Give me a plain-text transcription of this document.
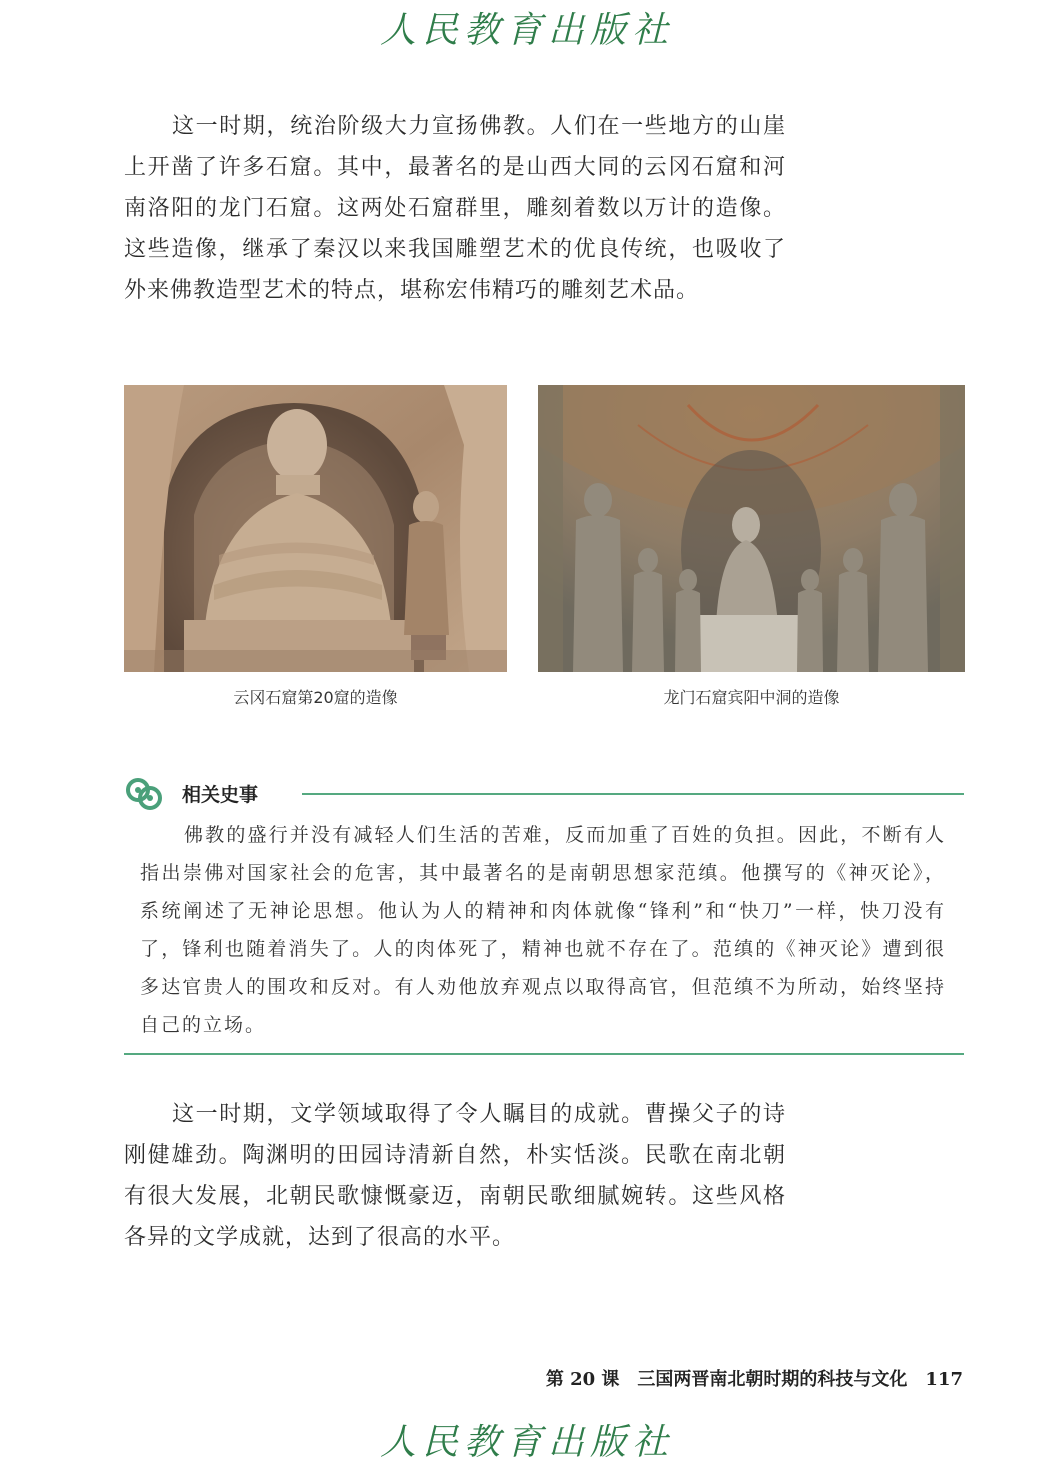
人民教育出版社

这一时期，统治阶级大力宣扬佛教。人们在一些地方的山崖上开凿了许多石窟。其中，最著名的是山西大同的云冈石窟和河南洛阳的龙门石窟。这两处石窟群里，雕刻着数以万计的造像。这些造像，继承了秦汉以来我国雕塑艺术的优良传统，也吸收了外来佛教造型艺术的特点，堪称宏伟精巧的雕刻艺术品。

云冈石窟第20窟的造像	龙门石窟宾阳中洞的造像
相关史事

佛教的盛行并没有减轻人们生活的苦难，反而加重了百姓的负担。因此，不断有人指出崇佛对国家社会的危害，其中最著名的是南朝思想家范缜。他撰写的《神灭论》，系统阐述了无神论思想。他认为人的精神和肉体就像“锋利”和“快刀”一样，快刀没有了，锋利也随着消失了。人的肉体死了，精神也就不存在了。范缜的《神灭论》遭到很多达官贵人的围攻和反对。有人劝他放弃观点以取得高官，但范缜不为所动，始终坚持自己的立场。

这一时期，文学领域取得了令人瞩目的成就。曹操父子的诗刚健雄劲。陶渊明的田园诗清新自然，朴实恬淡。民歌在南北朝有很大发展，北朝民歌慷慨豪迈，南朝民歌细腻婉转。这些风格各异的文学成就，达到了很高的水平。

第 20 课　三国两晋南北朝时期的科技与文化 117
人民教育出版社
